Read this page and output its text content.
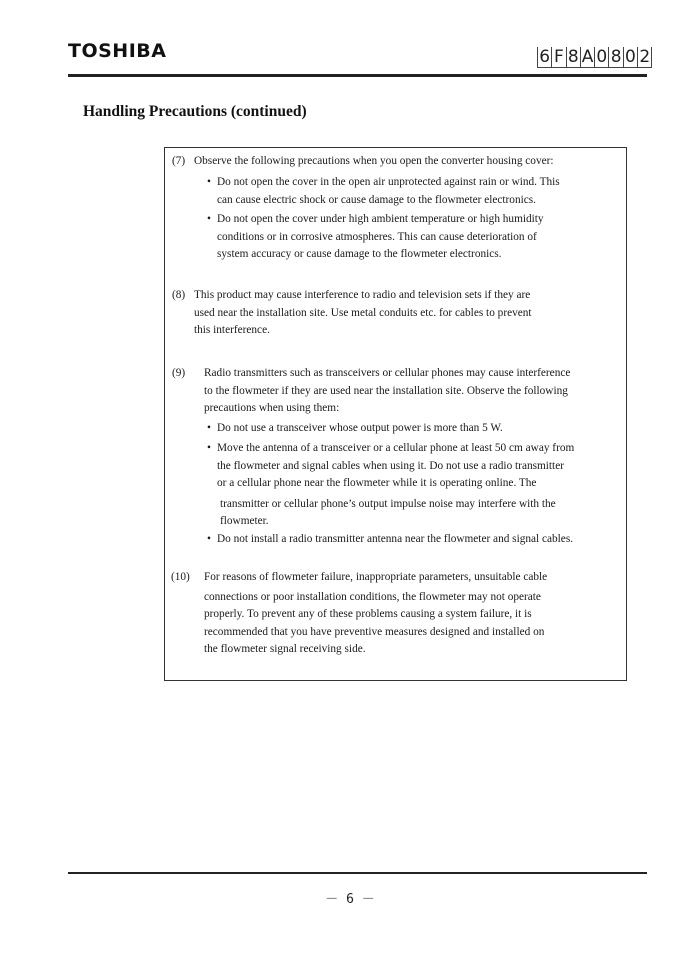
TOSHIBA	6 F 8 A 0 8 0 2
Handling Precautions (continued)
(7) Observe the following precautions when you open the converter housing cover:
• Do not open the cover in the open air unprotected against rain or wind. This
can cause electric shock or cause damage to the flowmeter electronics.
• Do not open the cover under high ambient temperature or high humidity
conditions or in corrosive atmospheres. This can cause deterioration of
system accuracy or cause damage to the flowmeter electronics.
(8) This product may cause interference to radio and television sets if they are
used near the installation site. Use metal conduits etc. for cables to prevent
this interference.
(9) Radio transmitters such as transceivers or cellular phones may cause interference
to the flowmeter if they are used near the installation site. Observe the following
precautions when using them:
• Do not use a transceiver whose output power is more than 5 W.
• Move the antenna of a transceiver or a cellular phone at least 50 cm away from
the flowmeter and signal cables when using it. Do not use a radio transmitter
or a cellular phone near the flowmeter while it is operating online. The
transmitter or cellular phone’s output impulse noise may interfere with the
flowmeter.
• Do not install a radio transmitter antenna near the flowmeter and signal cables.
(10) For reasons of flowmeter failure, inappropriate parameters, unsuitable cable
connections or poor installation conditions, the flowmeter may not operate
properly. To prevent any of these problems causing a system failure, it is
recommended that you have preventive measures designed and installed on
the flowmeter signal receiving side.
－ 6 －
